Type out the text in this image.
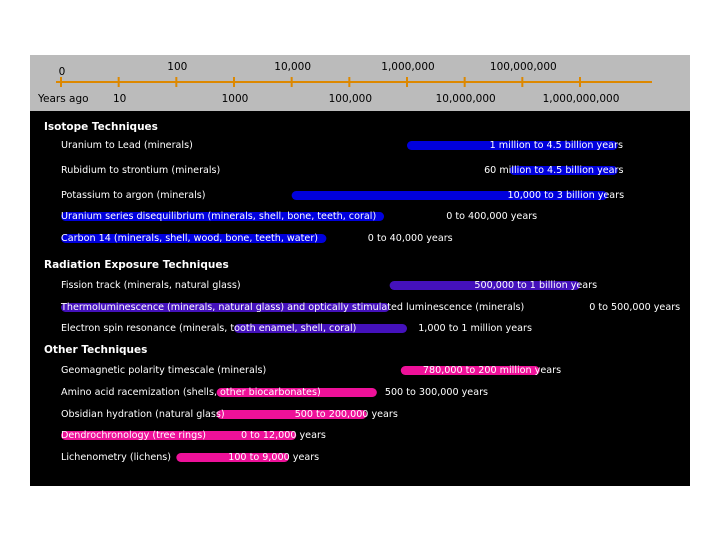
0	100	10,000	1,000,000	100,000,000
10	1000	100,000	10,000,000	1,000,000,000
Years ago
Isotope Techniques
Uranium to Lead (minerals)	1 million to 4.5 billion years
Rubidium to strontium (minerals)	60 million to 4.5 billion years
Potassium to argon (minerals)	10,000 to 3 billion years
Uranium series disequilibrium (minerals, shell, bone, teeth, coral)	0 to 400,000 years
Carbon 14 (minerals, shell, wood, bone, teeth, water)	0 to 40,000 years
Radiation Exposure Techniques
Fission track (minerals, natural glass)	500,000 to 1 billion years
Thermoluminescence (minerals, natural glass) and optically stimulated luminescence (minerals)	0 to 500,000 years
Electron spin resonance (minerals, tooth enamel, shell, coral)	1,000 to 1 million years
Other Techniques
Geomagnetic polarity timescale (minerals)	780,000 to 200 million years
Amino acid racemization (shells, other biocarbonates)	500 to 300,000 years
Obsidian hydration (natural glass)	500 to 200,000 years
Dendrochronology (tree rings)	0 to 12,000 years
Lichenometry (lichens)	100 to 9,000 years
